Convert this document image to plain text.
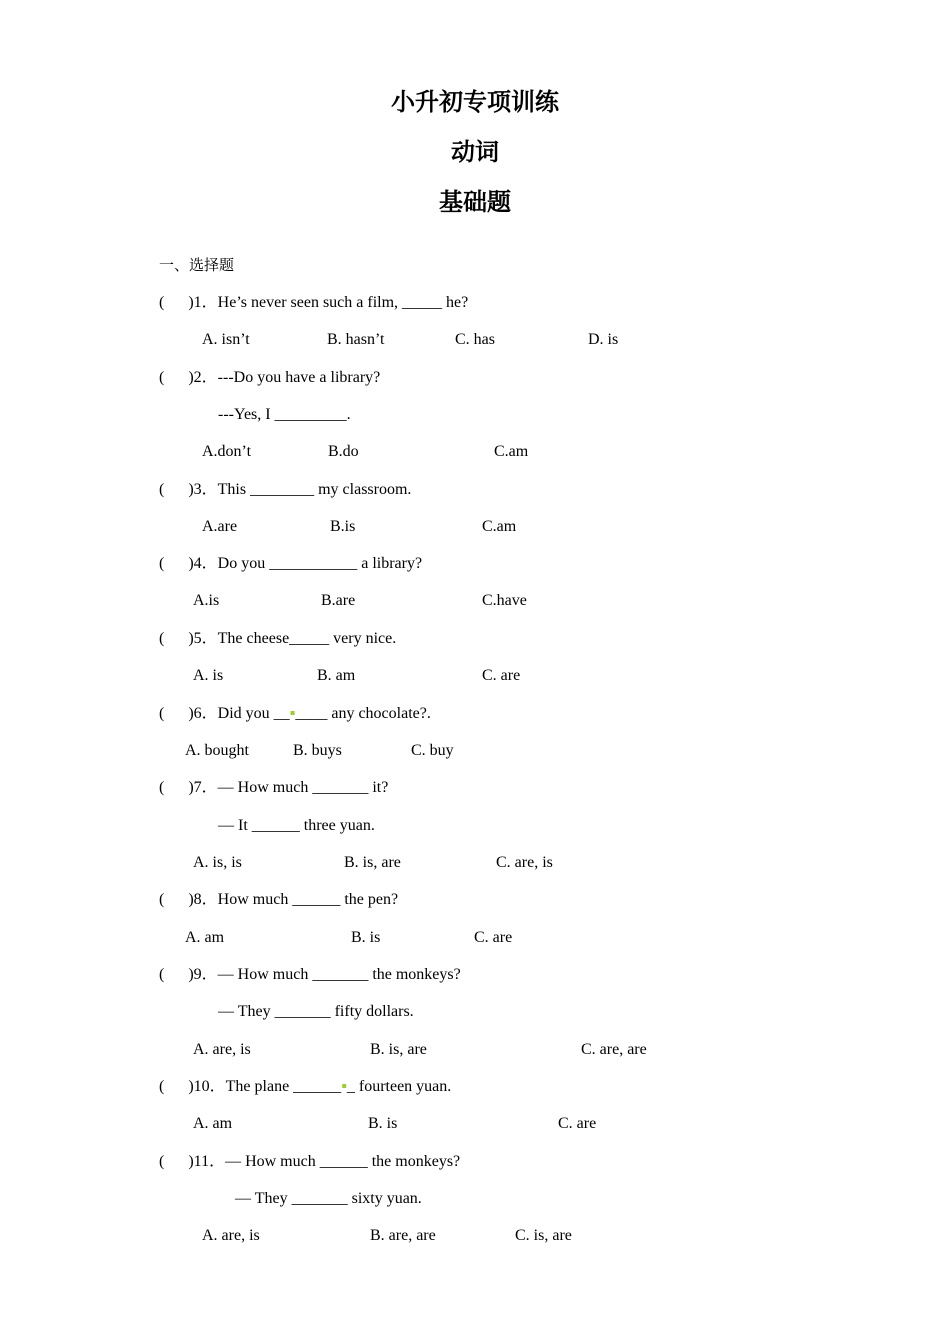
小升初专项训练
动词
基础题
一、选择题
(      )1．He’s never seen such a film, _____ he?
A. isn’t	B. hasn’t	C. has	D. is
(      )2．---Do you have a library?
---Yes, I _________.
A.don’t	B.do	C.am
(      )3．This ________ my classroom.
A.are	B.is	C.am
(      )4．Do you ___________ a library?
A.is	B.are	C.have
(      )5．The cheese_____ very nice.
A. is	B. am	C. are
(      )6．Did you __▪____ any chocolate?.
A. bought	B. buys	C. buy
(      )7．— How much _______ it?
— It ______ three yuan.
A. is, is	B. is, are	C. are, is
(      )8．How much ______ the pen?
A. am	B. is	C. are
(      )9．— How much _______ the monkeys?
— They _______ fifty dollars.
A. are, is	B. is, are	C. are, are
(      )10．The plane ______▪_ fourteen yuan.
A. am	B. is	C. are
(      )11．— How much ______ the monkeys?
— They _______ sixty yuan.
A. are, is	B. are, are	C. is, are
